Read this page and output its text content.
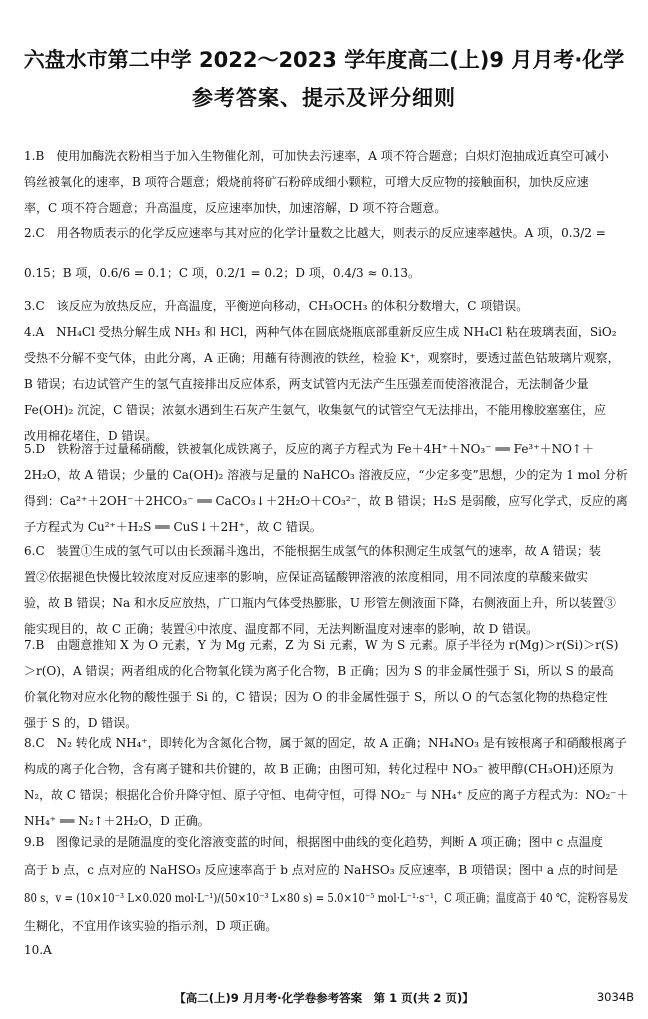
六盘水市第二中学 2022～2023 学年度高二(上)9 月月考·化学
参考答案、提示及评分细则
1.B　使用加酶洗衣粉相当于加入生物催化剂，可加快去污速率，A 项不符合题意；白炽灯泡抽成近真空可减小
钨丝被氧化的速率，B 项符合题意；煅烧前将矿石粉碎成细小颗粒，可增大反应物的接触面积，加快反应速
率，C 项不符合题意；升高温度，反应速率加快，加速溶解，D 项不符合题意。
2.C　用各物质表示的化学反应速率与其对应的化学计量数之比越大，则表示的反应速率越快。A 项，0.3/2 =
0.15；B 项，0.6/6 = 0.1；C 项，0.2/1 = 0.2；D 项，0.4/3 ≈ 0.13。
3.C　该反应为放热反应，升高温度，平衡逆向移动，CH₃OCH₃ 的体积分数增大，C 项错误。
4.A　NH₄Cl 受热分解生成 NH₃ 和 HCl，两种气体在圆底烧瓶底部重新反应生成 NH₄Cl 粘在玻璃表面，SiO₂
受热不分解不变气体，由此分离，A 正确；用蘸有待测液的铁丝，检验 K⁺，观察时，要透过蓝色钴玻璃片观察，
B 错误；右边试管产生的氢气直接排出反应体系，两支试管内无法产生压强差而使溶液混合，无法制备少量
Fe(OH)₂ 沉淀，C 错误；浓氨水遇到生石灰产生氨气，收集氨气的试管空气无法排出，不能用橡胶塞塞住，应
改用棉花堵住，D 错误。
5.D　铁粉溶于过量稀硝酸，铁被氧化成铁离子，反应的离子方程式为 Fe＋4H⁺＋NO₃⁻ ══ Fe³⁺＋NO↑＋
2H₂O，故 A 错误；少量的 Ca(OH)₂ 溶液与足量的 NaHCO₃ 溶液反应，“少定多变”思想，少的定为 1 mol 分析
得到：Ca²⁺＋2OH⁻＋2HCO₃⁻ ══ CaCO₃↓＋2H₂O＋CO₃²⁻，故 B 错误；H₂S 是弱酸，应写化学式，反应的离
子方程式为 Cu²⁺＋H₂S ══ CuS↓＋2H⁺，故 C 错误。
6.C　装置①生成的氢气可以由长颈漏斗逸出，不能根据生成氢气的体积测定生成氢气的速率，故 A 错误；装
置②依据褪色快慢比较浓度对反应速率的影响，应保证高锰酸钾溶液的浓度相同，用不同浓度的草酸来做实
验，故 B 错误；Na 和水反应放热，广口瓶内气体受热膨胀，U 形管左侧液面下降，右侧液面上升，所以装置③
能实现目的，故 C 正确；装置④中浓度、温度都不同，无法判断温度对速率的影响，故 D 错误。
7.B　由题意推知 X 为 O 元素，Y 为 Mg 元素，Z 为 Si 元素，W 为 S 元素。原子半径为 r(Mg)＞r(Si)＞r(S)
＞r(O)，A 错误；两者组成的化合物氧化镁为离子化合物，B 正确；因为 S 的非金属性强于 Si，所以 S 的最高
价氧化物对应水化物的酸性强于 Si 的，C 错误；因为 O 的非金属性强于 S，所以 O 的气态氢化物的热稳定性
强于 S 的，D 错误。
8.C　N₂ 转化成 NH₄⁺，即转化为含氮化合物，属于氮的固定，故 A 正确；NH₄NO₃ 是有铵根离子和硝酸根离子
构成的离子化合物，含有离子键和共价键的，故 B 正确；由图可知，转化过程中 NO₃⁻ 被甲醇(CH₃OH)还原为
N₂，故 C 错误；根据化合价升降守恒、原子守恒、电荷守恒，可得 NO₂⁻ 与 NH₄⁺ 反应的离子方程式为：NO₂⁻＋
NH₄⁺ ══ N₂↑＋2H₂O，D 正确。
9.B　图像记录的是随温度的变化溶液变蓝的时间，根据图中曲线的变化趋势，判断 A 项正确；图中 c 点温度
高于 b 点，c 点对应的 NaHSO₃ 反应速率高于 b 点对应的 NaHSO₃ 反应速率，B 项错误；图中 a 点的时间是
80 s，v = (10×10⁻³ L×0.020 mol·L⁻¹)/(50×10⁻³ L×80 s) = 5.0×10⁻⁵ mol·L⁻¹·s⁻¹，C 项正确；温度高于 40 ℃，淀粉容易发
生糊化，不宜用作该实验的指示剂，D 项正确。
10.A
【高二(上)9 月月考·化学卷参考答案　第 1 页(共 2 页)】	3034B
